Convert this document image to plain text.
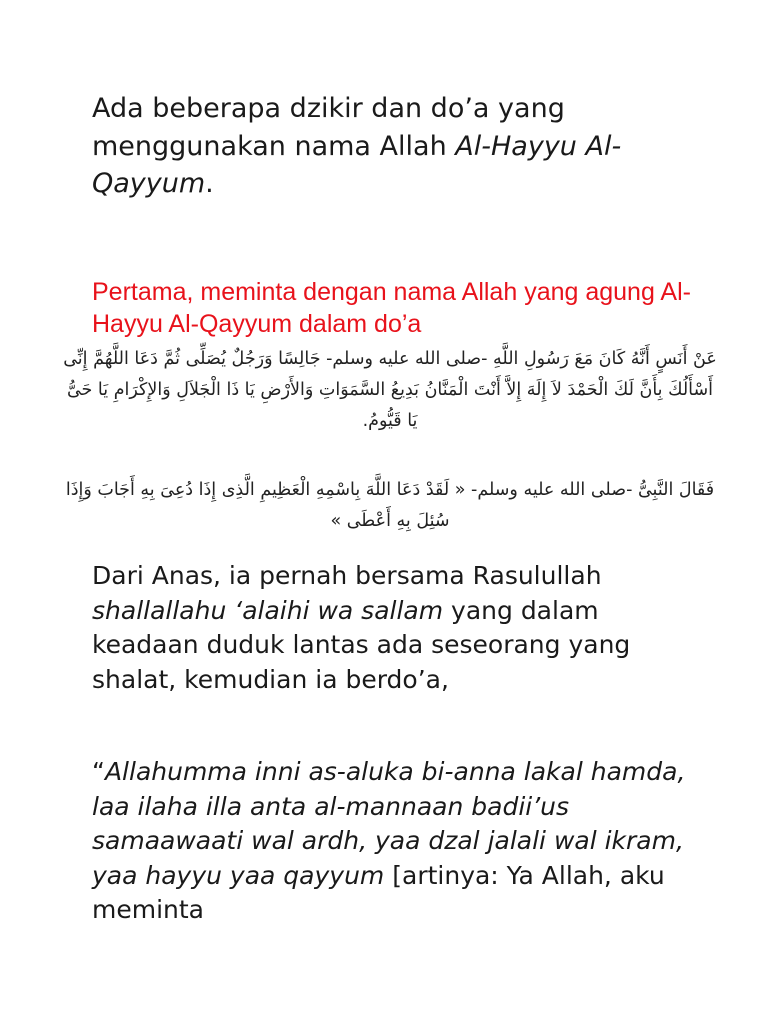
Ada beberapa dzikir dan do’a yang menggunakan nama Allah Al-Hayyu Al-Qayyum.

Pertama, meminta dengan nama Allah yang agung Al-Hayyu Al-Qayyum dalam do’a

عَنْ أَنَسٍ أَنَّهُ كَانَ مَعَ رَسُولِ اللَّهِ -صلى الله عليه وسلم- جَالِسًا وَرَجُلٌ يُصَلِّى ثُمَّ دَعَا اللَّهُمَّ إِنِّى أَسْأَلُكَ بِأَنَّ لَكَ الْحَمْدَ لاَ إِلَهَ إِلاَّ أَنْتَ الْمَنَّانُ بَدِيعُ السَّمَوَاتِ وَالأَرْضِ يَا ذَا الْجَلاَلِ وَالإِكْرَامِ يَا حَىُّ يَا قَيُّومُ.

فَقَالَ النَّبِىُّ -صلى الله عليه وسلم- « لَقَدْ دَعَا اللَّهَ بِاسْمِهِ الْعَظِيمِ الَّذِى إِذَا دُعِىَ بِهِ أَجَابَ وَإِذَا سُئِلَ بِهِ أَعْطَى »

Dari Anas, ia pernah bersama Rasulullah shallallahu ‘alaihi wa sallam yang dalam keadaan duduk lantas ada seseorang yang shalat, kemudian ia berdo’a,

“Allahumma inni as-aluka bi-anna lakal hamda, laa ilaha illa anta al-mannaan badii’us samaawaati wal ardh, yaa dzal jalali wal ikram, yaa hayyu yaa qayyum [artinya: Ya Allah, aku meminta
